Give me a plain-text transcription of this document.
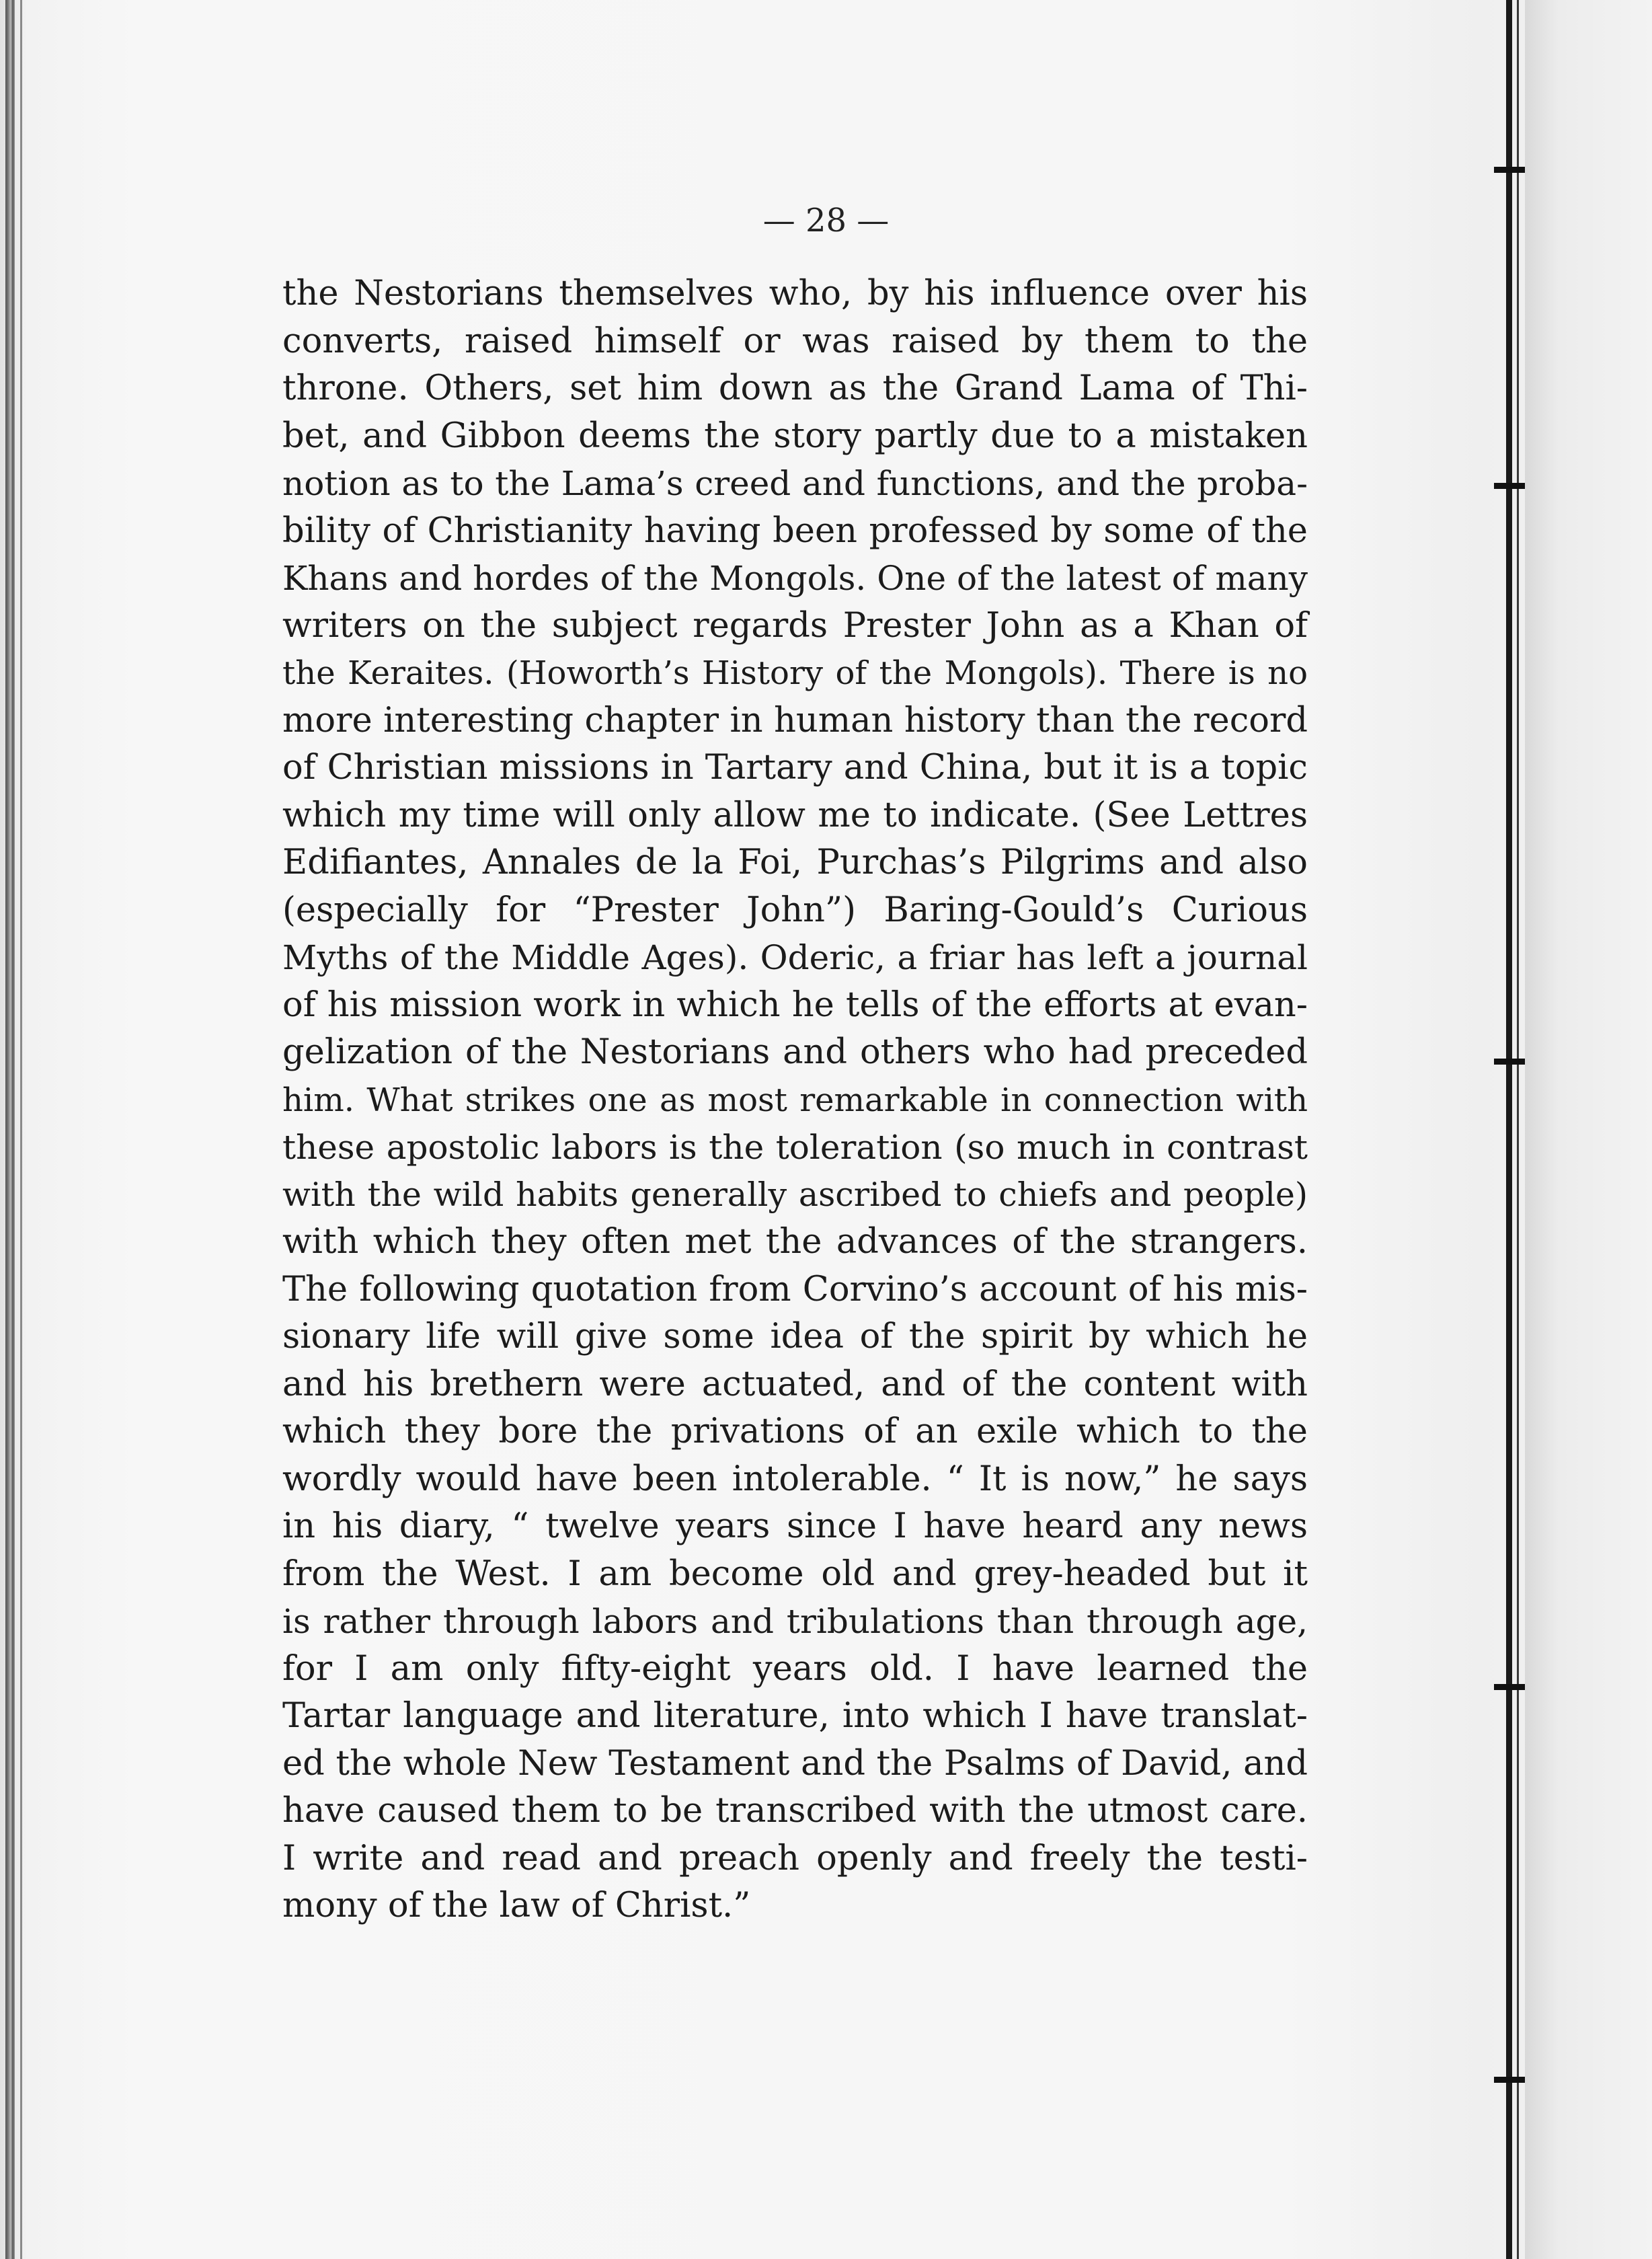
— 28 —
the Nestorians themselves who, by his influence over his
converts, raised himself or was raised by them to the
throne. Others, set him down as the Grand Lama of Thi-
bet, and Gibbon deems the story partly due to a mistaken
notion as to the Lama’s creed and functions, and the proba-
bility of Christianity having been professed by some of the
Khans and hordes of the Mongols. One of the latest of many
writers on the subject regards Prester John as a Khan of
the Keraites. (Howorth’s History of the Mongols). There is no
more interesting chapter in human history than the record
of Christian missions in Tartary and China, but it is a topic
which my time will only allow me to indicate. (See Lettres
Edifiantes, Annales de la Foi, Purchas’s Pilgrims and also
(especially for “Prester John”) Baring-Gould’s Curious
Myths of the Middle Ages). Oderic, a friar has left a journal
of his mission work in which he tells of the efforts at evan-
gelization of the Nestorians and others who had preceded
him. What strikes one as most remarkable in connection with
these apostolic labors is the toleration (so much in contrast
with the wild habits generally ascribed to chiefs and people)
with which they often met the advances of the strangers.
The following quotation from Corvino’s account of his mis-
sionary life will give some idea of the spirit by which he
and his brethern were actuated, and of the content with
which they bore the privations of an exile which to the
wordly would have been intolerable. “ It is now,” he says
in his diary, “ twelve years since I have heard any news
from the West. I am become old and grey-headed but it
is rather through labors and tribulations than through age,
for I am only fifty-eight years old. I have learned the
Tartar language and literature, into which I have translat-
ed the whole New Testament and the Psalms of David, and
have caused them to be transcribed with the utmost care.
I write and read and preach openly and freely the testi-
mony of the law of Christ.”
